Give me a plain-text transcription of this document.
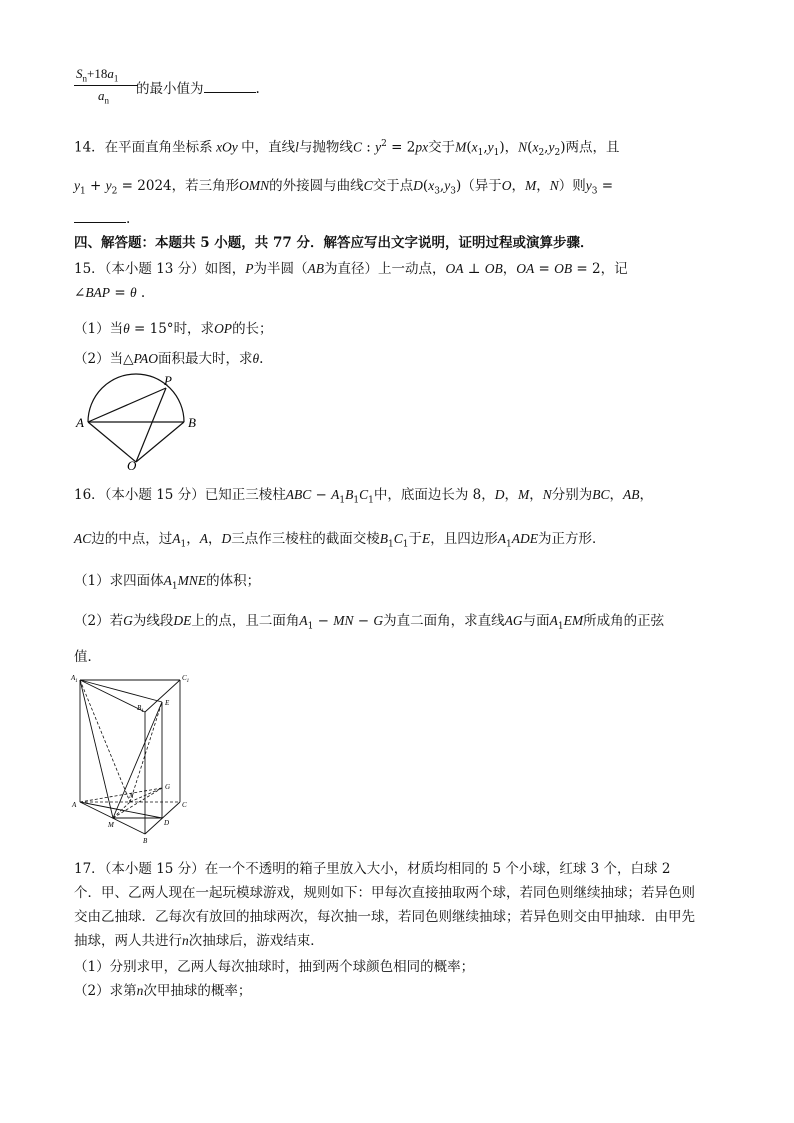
$S_n+18a_1$
$a_n$
的最小值为	.
14．在平面直角坐标系 xOy 中，直线l与抛物线C : $y^2 = 2px$交于$M(x_1,y_1)$，$N(x_2,y_2)$两点，且
$y_1 + y_2 = 2024$，若三角形OMN的外接圆与曲线C交于点$D(x_3,y_3)$（异于O，M，N）则$y_3$ =
.
四、解答题：本题共 5 小题，共 77 分．解答应写出文字说明，证明过程或演算步骤．
15．（本小题 13 分）如图，P为半圆（AB为直径）上一动点，OA ⊥ OB，OA = OB = 2，记
∠BAP = θ .
（1）当θ = 15°时，求OP的长；
（2）当△PAO面积最大时，求θ.
A	B
P
O
16．（本小题 15 分）已知正三棱柱ABC − $A_1B_1C_1$中，底面边长为 8，D，M，N分别为BC，AB，
AC边的中点，过$A_1$，A，D三点作三棱柱的截面交棱$B_1C_1$于E，且四边形$A_1ADE$为正方形．
（1）求四面体$A_1MNE$的体积；
（2）若G为线段DE上的点，且二面角$A_1$ − MN − G为直二面角，求直线AG与面$A_1EM$所成角的正弦
值．
$A_1$	$C_1$
$B_1$
E
G
N
A	C
M	D
B
17．（本小题 15 分）在一个不透明的箱子里放入大小，材质均相同的 5 个小球，红球 3 个，白球 2
个．甲、乙两人现在一起玩模球游戏，规则如下：甲每次直接抽取两个球，若同色则继续抽球；若异色则
交由乙抽球．乙每次有放回的抽球两次，每次抽一球，若同色则继续抽球；若异色则交由甲抽球．由甲先
抽球，两人共进行n次抽球后，游戏结束．
（1）分别求甲，乙两人每次抽球时，抽到两个球颜色相同的概率；
（2）求第n次甲抽球的概率；
